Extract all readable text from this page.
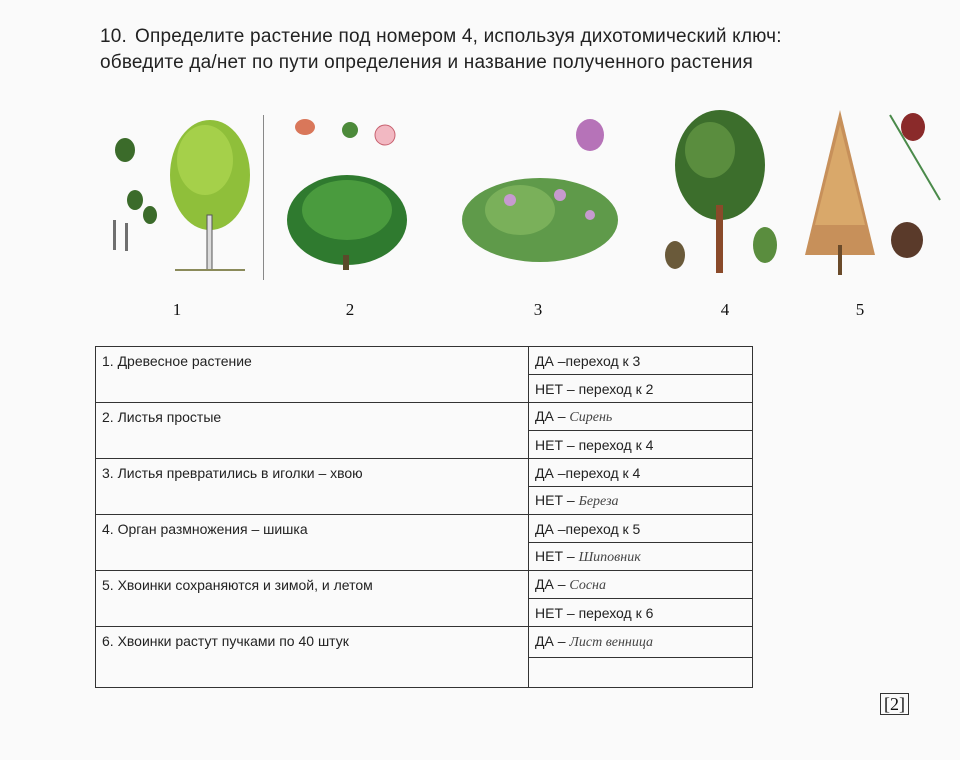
10. Определите растение под номером 4, используя дихотомический ключ:
обведите да/нет по пути определения и название полученного растения
1	2	3	4	5
1. Древесное растение	ДА –переход к 3
	НЕТ – переход к 2
2. Листья простые	ДА – Сирень
	НЕТ – переход к 4
3. Листья превратились в иголки – хвою	ДА –переход к 4
	НЕТ – Береза
4. Орган размножения – шишка	ДА –переход к 5
	НЕТ – Шиповник
5. Хвоинки сохраняются и зимой, и летом	ДА – Сосна
	НЕТ – переход к 6
6. Хвоинки растут пучками по 40 штук	ДА – Лист венница

[2]
